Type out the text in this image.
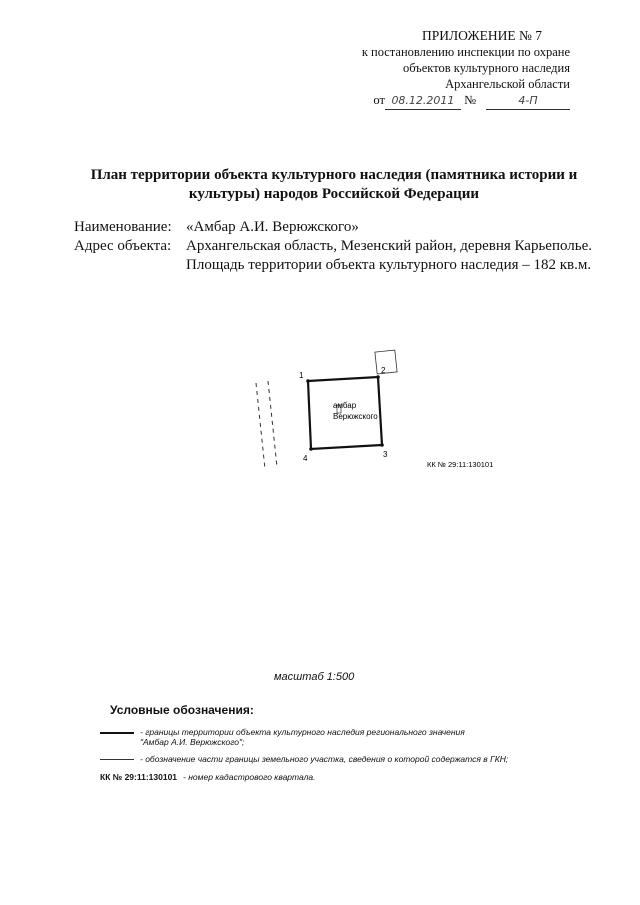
ПРИЛОЖЕНИЕ № 7
к постановлению инспекции по охране
объектов культурного наследия
Архангельской области
от 08.12.2011 №	4-П
План территории объекта культурного наследия (памятника истории и
культуры) народов Российской Федерации
Наименование: «Амбар А.И. Верюжского»
Адрес объекта: Архангельская область, Мезенский район, деревня Карьеполье.
Площадь территории объекта культурного наследия – 182 кв.м.
1
2
3
4
амбар
Верюжского
КК № 29:11:130101
масштаб 1:500
Условные обозначения:
- границы территории объекта культурного наследия регионального значения
"Амбар А.И. Верюжского";
- обозначение части границы земельного участка, сведения о которой содержатся в ГКН;
КК № 29:11:130101 - номер кадастрового квартала.
